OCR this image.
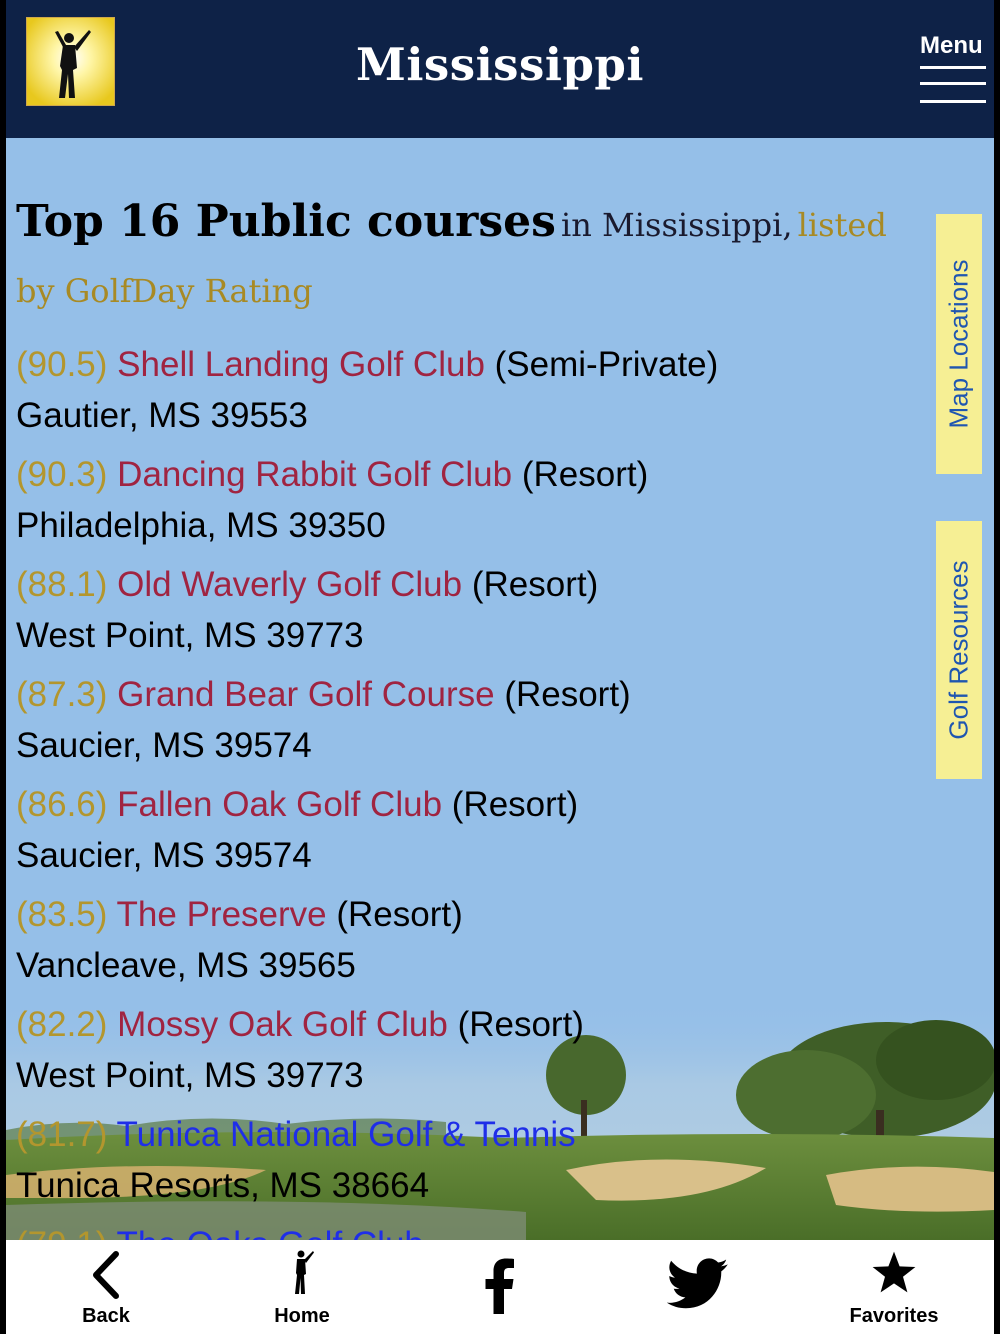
Mississippi	Menu
Top 16 Public courses in Mississippi, listed by GolfDay Rating
(90.5) Shell Landing Golf Club (Semi-Private)
Gautier, MS 39553
(90.3) Dancing Rabbit Golf Club (Resort)
Philadelphia, MS 39350
(88.1) Old Waverly Golf Club (Resort)
West Point, MS 39773
(87.3) Grand Bear Golf Course (Resort)
Saucier, MS 39574
(86.6) Fallen Oak Golf Club (Resort)
Saucier, MS 39574
(83.5) The Preserve (Resort)
Vancleave, MS 39565
(82.2) Mossy Oak Golf Club (Resort)
West Point, MS 39773
(81.7) Tunica National Golf & Tennis
Tunica Resorts, MS 38664

Map Locations
Golf Resources
Back	Home	Favorites
